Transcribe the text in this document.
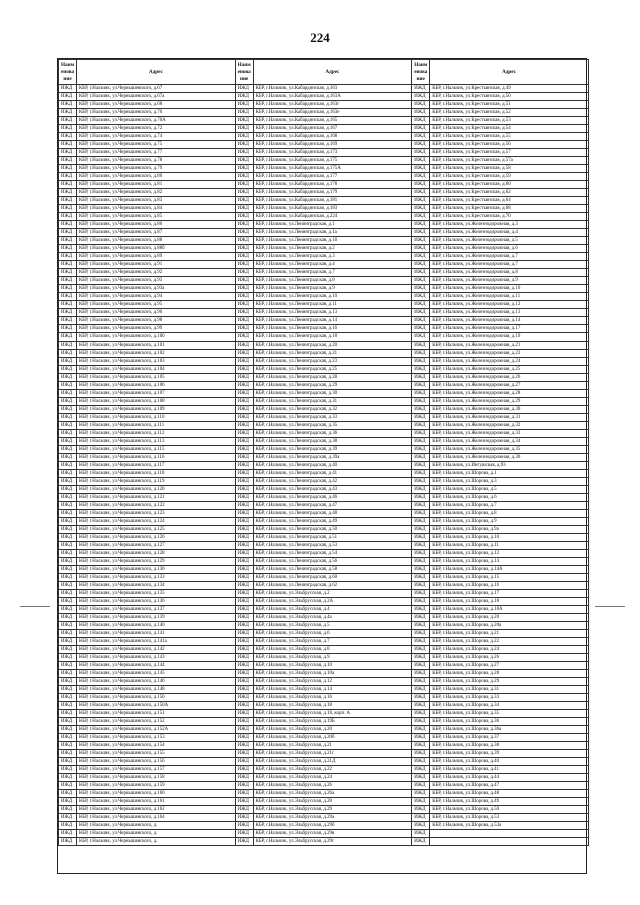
224
Наим енова ние	Адрес	Наим енова ние	Адрес	Наим енова ние	Адрес
ИЖД	КБР, г.Нальчик, ул.Чернышевского, д.67	ИЖД	КБР, г.Нальчик, ул.Кабардинская, д.163	ИЖД	КБР, г.Нальчик, ул.Крестьянская, д.49
ИЖД	КБР, г.Нальчик, ул.Чернышевского, д.67а	ИЖД	КБР, г.Нальчик, ул.Кабардинская, д.163А	ИЖД	КБР, г.Нальчик, ул.Крестьянская, д.50
ИЖД	КБР, г.Нальчик, ул.Чернышевского, д.68	ИЖД	КБР, г.Нальчик, ул.Кабардинская, д.163г	ИЖД	КБР, г.Нальчик, ул.Крестьянская, д.51
ИЖД	КБР, г.Нальчик, ул.Чернышевского, д.70	ИЖД	КБР, г.Нальчик, ул.Кабардинская, д.163е	ИЖД	КБР, г.Нальчик, ул.Крестьянская, д.52
ИЖД	КБР, г.Нальчик, ул.Чернышевского, д.70А	ИЖД	КБР, г.Нальчик, ул.Кабардинская, д.165	ИЖД	КБР, г.Нальчик, ул.Крестьянская, д.53
ИЖД	КБР, г.Нальчик, ул.Чернышевского, д.72	ИЖД	КБР, г.Нальчик, ул.Кабардинская, д.167	ИЖД	КБР, г.Нальчик, ул.Крестьянская, д.54
ИЖД	КБР, г.Нальчик, ул.Чернышевского, д.74	ИЖД	КБР, г.Нальчик, ул.Кабардинская, д.168	ИЖД	КБР, г.Нальчик, ул.Крестьянская, д.55
ИЖД	КБР, г.Нальчик, ул.Чернышевского, д.75	ИЖД	КБР, г.Нальчик, ул.Кабардинская, д.169	ИЖД	КБР, г.Нальчик, ул.Крестьянская, д.56
ИЖД	КБР, г.Нальчик, ул.Чернышевского, д.77	ИЖД	КБР, г.Нальчик, ул.Кабардинская, д.173	ИЖД	КБР, г.Нальчик, ул.Крестьянская, д.57
ИЖД	КБР, г.Нальчик, ул.Чернышевского, д.78	ИЖД	КБР, г.Нальчик, ул.Кабардинская, д.175	ИЖД	КБР, г.Нальчик, ул.Крестьянская, д.57а
ИЖД	КБР, г.Нальчик, ул.Чернышевского, д.79	ИЖД	КБР, г.Нальчик, ул.Кабардинская, д.175А	ИЖД	КБР, г.Нальчик, ул.Крестьянская, д.58
ИЖД	КБР, г.Нальчик, ул.Чернышевского, д.80	ИЖД	КБР, г.Нальчик, ул.Кабардинская, д.177	ИЖД	КБР, г.Нальчик, ул.Крестьянская, д.59
ИЖД	КБР, г.Нальчик, ул.Чернышевского, д.81	ИЖД	КБР, г.Нальчик, ул.Кабардинская, д.178	ИЖД	КБР, г.Нальчик, ул.Крестьянская, д.60
ИЖД	КБР, г.Нальчик, ул.Чернышевского, д.82	ИЖД	КБР, г.Нальчик, ул.Кабардинская, д.179	ИЖД	КБР, г.Нальчик, ул.Крестьянская, д.62
ИЖД	КБР, г.Нальчик, ул.Чернышевского, д.83	ИЖД	КБР, г.Нальчик, ул.Кабардинская, д.181	ИЖД	КБР, г.Нальчик, ул.Крестьянская, д.64
ИЖД	КБР, г.Нальчик, ул.Чернышевского, д.84	ИЖД	КБР, г.Нальчик, ул.Кабардинская, д.183	ИЖД	КБР, г.Нальчик, ул.Крестьянская, д.68
ИЖД	КБР, г.Нальчик, ул.Чернышевского, д.85	ИЖД	КБР, г.Нальчик, ул.Кабардинская, д.224	ИЖД	КБР, г.Нальчик, ул.Крестьянская, д.70
ИЖД	КБР, г.Нальчик, ул.Чернышевского, д.86	ИЖД	КБР, г.Нальчик, ул.Ленинградская, д.1	ИЖД	КБР, г.Нальчик, ул.Железнодорожная, д.3
ИЖД	КБР, г.Нальчик, ул.Чернышевского, д.87	ИЖД	КБР, г.Нальчик, ул.Ленинградская, д.1а	ИЖД	КБР, г.Нальчик, ул.Железнодорожная, д.4
ИЖД	КБР, г.Нальчик, ул.Чернышевского, д.88	ИЖД	КБР, г.Нальчик, ул.Ленинградская, д.1б	ИЖД	КБР, г.Нальчик, ул.Железнодорожная, д.5
ИЖД	КБР, г.Нальчик, ул.Чернышевского, д.88б	ИЖД	КБР, г.Нальчик, ул.Ленинградская, д.2	ИЖД	КБР, г.Нальчик, ул.Железнодорожная, д.6
ИЖД	КБР, г.Нальчик, ул.Чернышевского, д.89	ИЖД	КБР, г.Нальчик, ул.Ленинградская, д.3	ИЖД	КБР, г.Нальчик, ул.Железнодорожная, д.7
ИЖД	КБР, г.Нальчик, ул.Чернышевского, д.91	ИЖД	КБР, г.Нальчик, ул.Ленинградская, д.4	ИЖД	КБР, г.Нальчик, ул.Железнодорожная, д.7
ИЖД	КБР, г.Нальчик, ул.Чернышевского, д.92	ИЖД	КБР, г.Нальчик, ул.Ленинградская, д.7	ИЖД	КБР, г.Нальчик, ул.Железнодорожная, д.8
ИЖД	КБР, г.Нальчик, ул.Чернышевского, д.93	ИЖД	КБР, г.Нальчик, ул.Ленинградская, д.8	ИЖД	КБР, г.Нальчик, ул.Железнодорожная, д.9
ИЖД	КБР, г.Нальчик, ул.Чернышевского, д.93а	ИЖД	КБР, г.Нальчик, ул.Ленинградская, д.9	ИЖД	КБР, г.Нальчик, ул.Железнодорожная, д.10
ИЖД	КБР, г.Нальчик, ул.Чернышевского, д.94	ИЖД	КБР, г.Нальчик, ул.Ленинградская, д.10	ИЖД	КБР, г.Нальчик, ул.Железнодорожная, д.11
ИЖД	КБР, г.Нальчик, ул.Чернышевского, д.95	ИЖД	КБР, г.Нальчик, ул.Ленинградская, д.11	ИЖД	КБР, г.Нальчик, ул.Железнодорожная, д.12
ИЖД	КБР, г.Нальчик, ул.Чернышевского, д.96	ИЖД	КБР, г.Нальчик, ул.Ленинградская, д.13	ИЖД	КБР, г.Нальчик, ул.Железнодорожная, д.13
ИЖД	КБР, г.Нальчик, ул.Чернышевского, д.98	ИЖД	КБР, г.Нальчик, ул.Ленинградская, д.14	ИЖД	КБР, г.Нальчик, ул.Железнодорожная, д.14
ИЖД	КБР, г.Нальчик, ул.Чернышевского, д.99	ИЖД	КБР, г.Нальчик, ул.Ленинградская, д.16	ИЖД	КБР, г.Нальчик, ул.Железнодорожная, д.17
ИЖД	КБР, г.Нальчик, ул.Чернышевского, д.100	ИЖД	КБР, г.Нальчик, ул.Ленинградская, д.18	ИЖД	КБР, г.Нальчик, ул.Железнодорожная, д.19
ИЖД	КБР, г.Нальчик, ул.Чернышевского, д.101	ИЖД	КБР, г.Нальчик, ул.Ленинградская, д.20	ИЖД	КБР, г.Нальчик, ул.Железнодорожная, д.21
ИЖД	КБР, г.Нальчик, ул.Чернышевского, д.102	ИЖД	КБР, г.Нальчик, ул.Ленинградская, д.21	ИЖД	КБР, г.Нальчик, ул.Железнодорожная, д.22
ИЖД	КБР, г.Нальчик, ул.Чернышевского, д.103	ИЖД	КБР, г.Нальчик, ул.Ленинградская, д.23	ИЖД	КБР, г.Нальчик, ул.Железнодорожная, д.24
ИЖД	КБР, г.Нальчик, ул.Чернышевского, д.104	ИЖД	КБР, г.Нальчик, ул.Ленинградская, д.25	ИЖД	КБР, г.Нальчик, ул.Железнодорожная, д.25
ИЖД	КБР, г.Нальчик, ул.Чернышевского, д.105	ИЖД	КБР, г.Нальчик, ул.Ленинградская, д.28	ИЖД	КБР, г.Нальчик, ул.Железнодорожная, д.26
ИЖД	КБР, г.Нальчик, ул.Чернышевского, д.106	ИЖД	КБР, г.Нальчик, ул.Ленинградская, д.29	ИЖД	КБР, г.Нальчик, ул.Железнодорожная, д.27
ИЖД	КБР, г.Нальчик, ул.Чернышевского, д.107	ИЖД	КБР, г.Нальчик, ул.Ленинградская, д.30	ИЖД	КБР, г.Нальчик, ул.Железнодорожная, д.28
ИЖД	КБР, г.Нальчик, ул.Чернышевского, д.108	ИЖД	КБР, г.Нальчик, ул.Ленинградская, д.31	ИЖД	КБР, г.Нальчик, ул.Железнодорожная, д.29
ИЖД	КБР, г.Нальчик, ул.Чернышевского, д.109	ИЖД	КБР, г.Нальчик, ул.Ленинградская, д.32	ИЖД	КБР, г.Нальчик, ул.Железнодорожная, д.30
ИЖД	КБР, г.Нальчик, ул.Чернышевского, д.110	ИЖД	КБР, г.Нальчик, ул.Ленинградская, д.33	ИЖД	КБР, г.Нальчик, ул.Железнодорожная, д.31
ИЖД	КБР, г.Нальчик, ул.Чернышевского, д.111	ИЖД	КБР, г.Нальчик, ул.Ленинградская, д.35	ИЖД	КБР, г.Нальчик, ул.Железнодорожная, д.32
ИЖД	КБР, г.Нальчик, ул.Чернышевского, д.112	ИЖД	КБР, г.Нальчик, ул.Ленинградская, д.36	ИЖД	КБР, г.Нальчик, ул.Железнодорожная, д.33
ИЖД	КБР, г.Нальчик, ул.Чернышевского, д.113	ИЖД	КБР, г.Нальчик, ул.Ленинградская, д.38	ИЖД	КБР, г.Нальчик, ул.Железнодорожная, д.34
ИЖД	КБР, г.Нальчик, ул.Чернышевского, д.115	ИЖД	КБР, г.Нальчик, ул.Ленинградская, д.39	ИЖД	КБР, г.Нальчик, ул.Железнодорожная, д.35
ИЖД	КБР, г.Нальчик, ул.Чернышевского, д.116	ИЖД	КБР, г.Нальчик, ул.Ленинградская, д.39а	ИЖД	КБР, г.Нальчик, ул.Железнодорожная, д.36
ИЖД	КБР, г.Нальчик, ул.Чернышевского, д.117	ИЖД	КБР, г.Нальчик, ул.Ленинградская, д.40	ИЖД	КБР, г.Нальчик, ул.Ингушская, д.93
ИЖД	КБР, г.Нальчик, ул.Чернышевского, д.118	ИЖД	КБР, г.Нальчик, ул.Ленинградская, д.41	ИЖД	КБР, г.Нальчик, ул.Шорова, д.1
ИЖД	КБР, г.Нальчик, ул.Чернышевского, д.119	ИЖД	КБР, г.Нальчик, ул.Ленинградская, д.42	ИЖД	КБР, г.Нальчик, ул.Шорова, д.3
ИЖД	КБР, г.Нальчик, ул.Чернышевского, д.120	ИЖД	КБР, г.Нальчик, ул.Ленинградская, д.43	ИЖД	КБР, г.Нальчик, ул.Шорова, д.5
ИЖД	КБР, г.Нальчик, ул.Чернышевского, д.121	ИЖД	КБР, г.Нальчик, ул.Ленинградская, д.46	ИЖД	КБР, г.Нальчик, ул.Шорова, д.6
ИЖД	КБР, г.Нальчик, ул.Чернышевского, д.122	ИЖД	КБР, г.Нальчик, ул.Ленинградская, д.47	ИЖД	КБР, г.Нальчик, ул.Шорова, д.7
ИЖД	КБР, г.Нальчик, ул.Чернышевского, д.123	ИЖД	КБР, г.Нальчик, ул.Ленинградская, д.48	ИЖД	КБР, г.Нальчик, ул.Шорова, д.8
ИЖД	КБР, г.Нальчик, ул.Чернышевского, д.124	ИЖД	КБР, г.Нальчик, ул.Ленинградская, д.49	ИЖД	КБР, г.Нальчик, ул.Шорова, д.9
ИЖД	КБР, г.Нальчик, ул.Чернышевского, д.125	ИЖД	КБР, г.Нальчик, ул.Ленинградская, д.50	ИЖД	КБР, г.Нальчик, ул.Шорова, д.9а
ИЖД	КБР, г.Нальчик, ул.Чернышевского, д.126	ИЖД	КБР, г.Нальчик, ул.Ленинградская, д.51	ИЖД	КБР, г.Нальчик, ул.Шорова, д.10
ИЖД	КБР, г.Нальчик, ул.Чернышевского, д.127	ИЖД	КБР, г.Нальчик, ул.Ленинградская, д.53	ИЖД	КБР, г.Нальчик, ул.Шорова, д.11
ИЖД	КБР, г.Нальчик, ул.Чернышевского, д.128	ИЖД	КБР, г.Нальчик, ул.Ленинградская, д.54	ИЖД	КБР, г.Нальчик, ул.Шорова, д.12
ИЖД	КБР, г.Нальчик, ул.Чернышевского, д.129	ИЖД	КБР, г.Нальчик, ул.Ленинградская, д.56	ИЖД	КБР, г.Нальчик, ул.Шорова, д.14
ИЖД	КБР, г.Нальчик, ул.Чернышевского, д.130	ИЖД	КБР, г.Нальчик, ул.Ленинградская, д.58	ИЖД	КБР, г.Нальчик, ул.Шорова, д.14А
ИЖД	КБР, г.Нальчик, ул.Чернышевского, д.133	ИЖД	КБР, г.Нальчик, ул.Ленинградская, д.60	ИЖД	КБР, г.Нальчик, ул.Шорова, д.15
ИЖД	КБР, г.Нальчик, ул.Чернышевского, д.134	ИЖД	КБР, г.Нальчик, ул.Ленинградская, д.62	ИЖД	КБР, г.Нальчик, ул.Шорова, д.16
ИЖД	КБР, г.Нальчик, ул.Чернышевского, д.135	ИЖД	КБР, г.Нальчик, ул.Эльбрусская, д.2	ИЖД	КБР, г.Нальчик, ул.Шорова, д.17
ИЖД	КБР, г.Нальчик, ул.Чернышевского, д.136	ИЖД	КБР, г.Нальчик, ул.Эльбрусская, д.2А	ИЖД	КБР, г.Нальчик, ул.Шорова, д.18
ИЖД	КБР, г.Нальчик, ул.Чернышевского, д.137	ИЖД	КБР, г.Нальчик, ул.Эльбрусская, д.4	ИЖД	КБР, г.Нальчик, ул.Шорова, д.18А
ИЖД	КБР, г.Нальчик, ул.Чернышевского, д.139	ИЖД	КБР, г.Нальчик, ул.Эльбрусская, д.4а	ИЖД	КБР, г.Нальчик, ул.Шорова, д.20
ИЖД	КБР, г.Нальчик, ул.Чернышевского, д.140	ИЖД	КБР, г.Нальчик, ул.Эльбрусская, д.5	ИЖД	КБР, г.Нальчик, ул.Шорова, д.20а
ИЖД	КБР, г.Нальчик, ул.Чернышевского, д.141	ИЖД	КБР, г.Нальчик, ул.Эльбрусская, д.6	ИЖД	КБР, г.Нальчик, ул.Шорова, д.21
ИЖД	КБР, г.Нальчик, ул.Чернышевского, д.141а	ИЖД	КБР, г.Нальчик, ул.Эльбрусская, д.7	ИЖД	КБР, г.Нальчик, ул.Шорова, д.22
ИЖД	КБР, г.Нальчик, ул.Чернышевского, д.142	ИЖД	КБР, г.Нальчик, ул.Эльбрусская, д.8	ИЖД	КБР, г.Нальчик, ул.Шорова, д.24
ИЖД	КБР, г.Нальчик, ул.Чернышевского, д.143	ИЖД	КБР, г.Нальчик, ул.Эльбрусская, д.9	ИЖД	КБР, г.Нальчик, ул.Шорова, д.26
ИЖД	КБР, г.Нальчик, ул.Чернышевского, д.144	ИЖД	КБР, г.Нальчик, ул.Эльбрусская, д.10	ИЖД	КБР, г.Нальчик, ул.Шорова, д.27
ИЖД	КБР, г.Нальчик, ул.Чернышевского, д.145	ИЖД	КБР, г.Нальчик, ул.Эльбрусская, д.10а	ИЖД	КБР, г.Нальчик, ул.Шорова, д.28
ИЖД	КБР, г.Нальчик, ул.Чернышевского, д.146	ИЖД	КБР, г.Нальчик, ул.Эльбрусская, д.12	ИЖД	КБР, г.Нальчик, ул.Шорова, д.29
ИЖД	КБР, г.Нальчик, ул.Чернышевского, д.148	ИЖД	КБР, г.Нальчик, ул.Эльбрусская, д.14	ИЖД	КБР, г.Нальчик, ул.Шорова, д.31
ИЖД	КБР, г.Нальчик, ул.Чернышевского, д.150	ИЖД	КБР, г.Нальчик, ул.Эльбрусская, д.16	ИЖД	КБР, г.Нальчик, ул.Шорова, д.33
ИЖД	КБР, г.Нальчик, ул.Чернышевского, д.150А	ИЖД	КБР, г.Нальчик, ул.Эльбрусская, д.18	ИЖД	КБР, г.Нальчик, ул.Шорова, д.34
ИЖД	КБР, г.Нальчик, ул.Чернышевского, д.151	ИЖД	КБР, г.Нальчик, ул.Эльбрусская, д.18, корп. А	ИЖД	КБР, г.Нальчик, ул.Шорова, д.35
ИЖД	КБР, г.Нальчик, ул.Чернышевского, д.152	ИЖД	КБР, г.Нальчик, ул.Эльбрусская, д.19Б	ИЖД	КБР, г.Нальчик, ул.Шорова, д.36
ИЖД	КБР, г.Нальчик, ул.Чернышевского, д.152А	ИЖД	КБР, г.Нальчик, ул.Эльбрусская, д.20	ИЖД	КБР, г.Нальчик, ул.Шорова, д.36а
ИЖД	КБР, г.Нальчик, ул.Чернышевского, д.153	ИЖД	КБР, г.Нальчик, ул.Эльбрусская, д.20б	ИЖД	КБР, г.Нальчик, ул.Шорова, д.37
ИЖД	КБР, г.Нальчик, ул.Чернышевского, д.154	ИЖД	КБР, г.Нальчик, ул.Эльбрусская, д.21	ИЖД	КБР, г.Нальчик, ул.Шорова, д.38
ИЖД	КБР, г.Нальчик, ул.Чернышевского, д.155	ИЖД	КБР, г.Нальчик, ул.Эльбрусская, д.21г	ИЖД	КБР, г.Нальчик, ул.Шорова, д.39
ИЖД	КБР, г.Нальчик, ул.Чернышевского, д.156	ИЖД	КБР, г.Нальчик, ул.Эльбрусская, д.21Д	ИЖД	КБР, г.Нальчик, ул.Шорова, д.40
ИЖД	КБР, г.Нальчик, ул.Чернышевского, д.157	ИЖД	КБР, г.Нальчик, ул.Эльбрусская, д.22	ИЖД	КБР, г.Нальчик, ул.Шорова, д.41
ИЖД	КБР, г.Нальчик, ул.Чернышевского, д.158	ИЖД	КБР, г.Нальчик, ул.Эльбрусская, д.24	ИЖД	КБР, г.Нальчик, ул.Шорова, д.44
ИЖД	КБР, г.Нальчик, ул.Чернышевского, д.159	ИЖД	КБР, г.Нальчик, ул.Эльбрусская, д.26	ИЖД	КБР, г.Нальчик, ул.Шорова, д.47
ИЖД	КБР, г.Нальчик, ул.Чернышевского, д.160	ИЖД	КБР, г.Нальчик, ул.Эльбрусская, д.26а	ИЖД	КБР, г.Нальчик, ул.Шорова, д.48
ИЖД	КБР, г.Нальчик, ул.Чернышевского, д.161	ИЖД	КБР, г.Нальчик, ул.Эльбрусская, д.28	ИЖД	КБР, г.Нальчик, ул.Шорова, д.49
ИЖД	КБР, г.Нальчик, ул.Чернышевского, д.162	ИЖД	КБР, г.Нальчик, ул.Эльбрусская, д.29	ИЖД	КБР, г.Нальчик, ул.Шорова, д.50
ИЖД	КБР, г.Нальчик, ул.Чернышевского, д.164	ИЖД	КБР, г.Нальчик, ул.Эльбрусская, д.29а	ИЖД	КБР, г.Нальчик, ул.Шорова, д.53
ИЖД	КБР, г.Нальчик, ул.Чернышевского, д.	ИЖД	КБР, г.Нальчик, ул.Эльбрусская, д.29б	ИЖД	КБР, г.Нальчик, ул.Шорова, д.53а
ИЖД	КБР, г.Нальчик, ул.Чернышевского, д.	ИЖД	КБР, г.Нальчик, ул.Эльбрусская, д.29в	ИЖД	
ИЖД	КБР, г.Нальчик, ул.Чернышевского, д.	ИЖД	КБР, г.Нальчик, ул.Эльбрусская, д.29г	ИЖД	
